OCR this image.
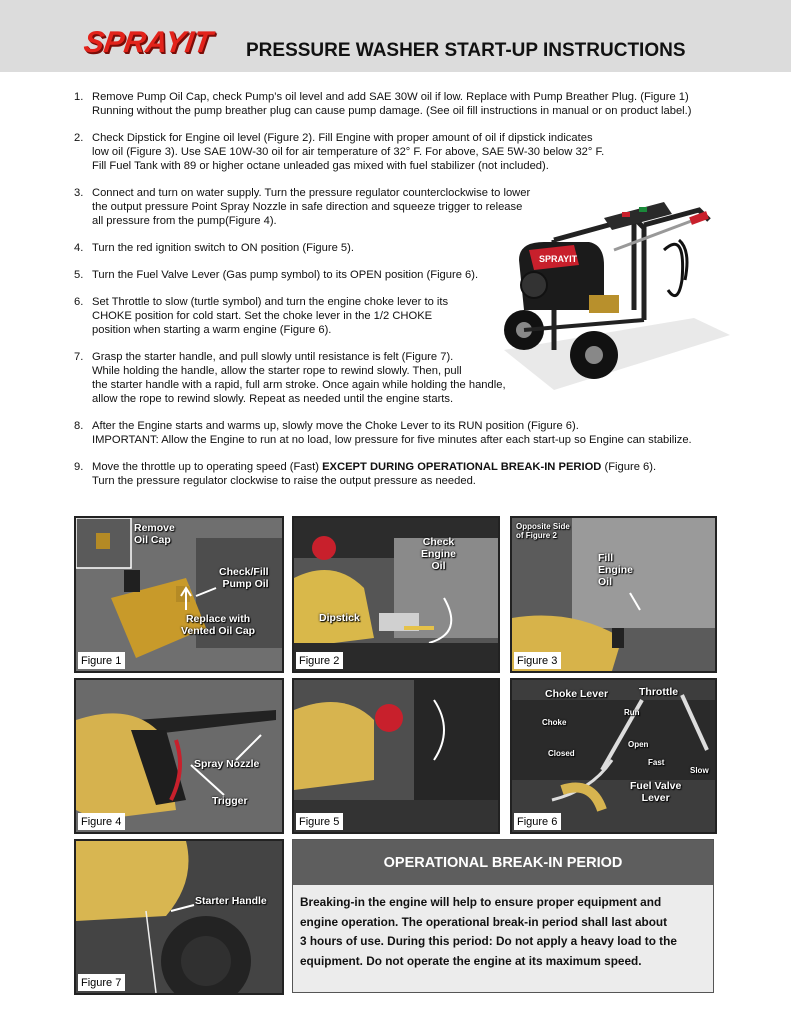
SPRAYIT PRESSURE WASHER START-UP INSTRUCTIONS
1. Remove Pump Oil Cap, check Pump’s oil level and add SAE 30W oil if low. Replace with Pump Breather Plug. (Figure 1)
Running without the pump breather plug can cause pump damage. (See oil fill instructions in manual or on product label.)
2. Check Dipstick for Engine oil level (Figure 2). Fill Engine with proper amount of oil if dipstick indicates
low oil (Figure 3). Use SAE 10W-30 oil for air temperature of 32° F. For above, SAE 5W-30 below 32° F.
Fill Fuel Tank with 89 or higher octane unleaded gas mixed with fuel stabilizer (not included).
3. Connect and turn on water supply. Turn the pressure regulator counterclockwise to lower
the output pressure Point Spray Nozzle in safe direction and squeeze trigger to release
all pressure from the pump(Figure 4).
4. Turn the red ignition switch to ON position (Figure 5).
5. Turn the Fuel Valve Lever (Gas pump symbol) to its OPEN position (Figure 6).
6. Set Throttle to slow (turtle symbol) and turn the engine choke lever to its
CHOKE position for cold start. Set the choke lever in the 1/2 CHOKE
position when starting a warm engine (Figure 6).
7. Grasp the starter handle, and pull slowly until resistance is felt (Figure 7).
While holding the handle, allow the starter rope to rewind slowly. Then, pull
the starter handle with a rapid, full arm stroke. Once again while holding the handle,
allow the rope to rewind slowly. Repeat as needed until the engine starts.
8. After the Engine starts and warms up, slowly move the Choke Lever to its RUN position (Figure 6).
IMPORTANT: Allow the Engine to run at no load, low pressure for five minutes after each start-up so Engine can stabilize.
9. Move the throttle up to operating speed (Fast) EXCEPT DURING OPERATIONAL BREAK-IN PERIOD (Figure 6).
Turn the pressure regulator clockwise to raise the output pressure as needed.
SPRAYIT
Remove
Oil Cap
Check/Fill
Pump Oil
Replace with
Vented Oil Cap
Figure 1
Check
Engine
Oil
Dipstick
Figure 2
Opposite Side
of Figure 2
Fill
Engine
Oil
Figure 3
Spray Nozzle
Trigger
Figure 4	Figure 5
Choke Lever	Throttle
Run
Choke
Open
Closed
Fast
Slow
Fuel Valve
Lever
Figure 6
Starter Handle
Figure 7
OPERATIONAL BREAK-IN PERIOD
Breaking-in the engine will help to ensure proper equipment and
engine operation. The operational break-in period shall last about
3 hours of use. During this period: Do not apply a heavy load to the
equipment. Do not operate the engine at its maximum speed.
